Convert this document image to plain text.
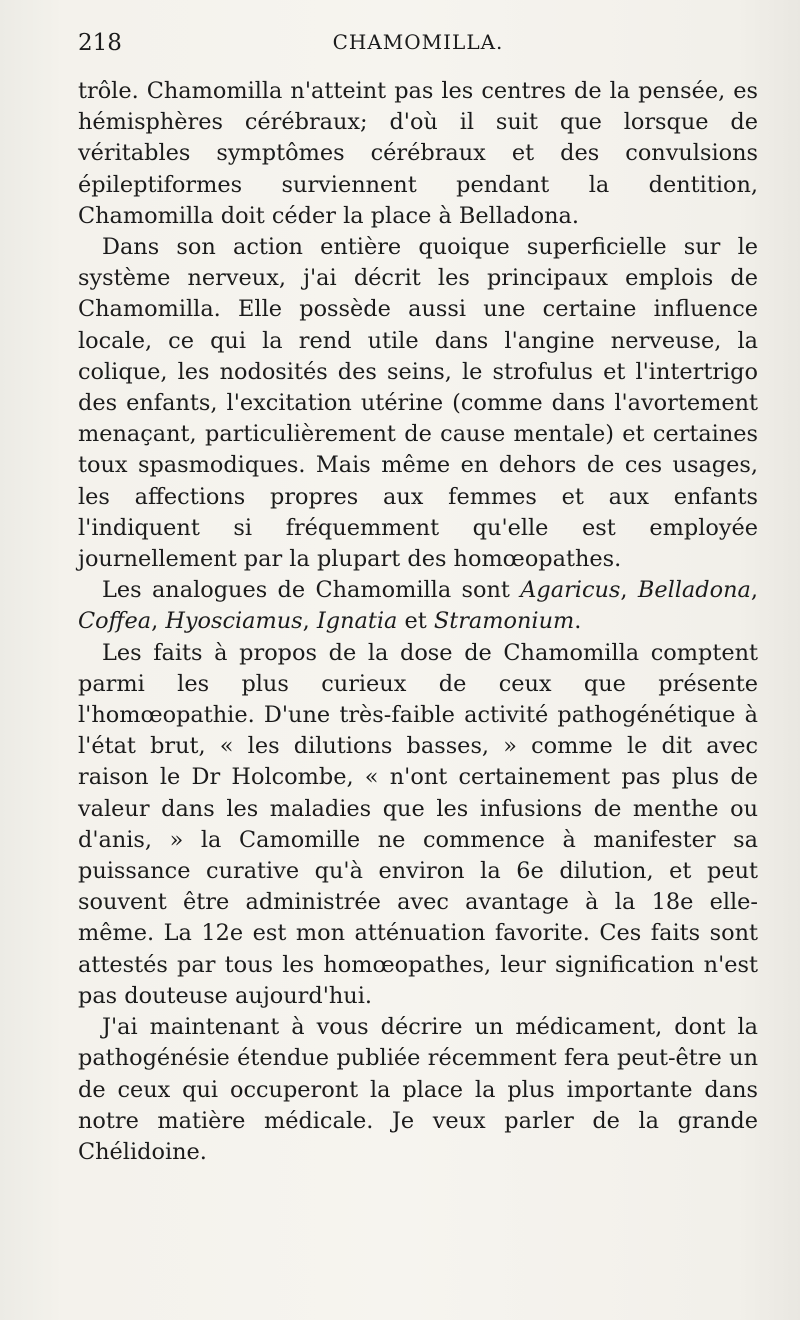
218	CHAMOMILLA.

trôle. Chamomilla n'atteint pas les centres de la pensée, es hémisphères cérébraux; d'où il suit que lorsque de véritables symptômes cérébraux et des convulsions épileptiformes surviennent pendant la dentition, Chamomilla doit céder la place à Belladona.

Dans son action entière quoique superficielle sur le système nerveux, j'ai décrit les principaux emplois de Chamomilla. Elle possède aussi une certaine influence locale, ce qui la rend utile dans l'angine nerveuse, la colique, les nodosités des seins, le strofulus et l'intertrigo des enfants, l'excitation utérine (comme dans l'avortement menaçant, particulièrement de cause mentale) et certaines toux spasmodiques. Mais même en dehors de ces usages, les affections propres aux femmes et aux enfants l'indiquent si fréquemment qu'elle est employée journellement par la plupart des homœopathes.

Les analogues de Chamomilla sont Agaricus, Belladona, Coffea, Hyosciamus, Ignatia et Stramonium.

Les faits à propos de la dose de Chamomilla comptent parmi les plus curieux de ceux que présente l'homœopathie. D'une très-faible activité pathogénétique à l'état brut, « les dilutions basses, » comme le dit avec raison le Dr Holcombe, « n'ont certainement pas plus de valeur dans les maladies que les infusions de menthe ou d'anis, » la Camomille ne commence à manifester sa puissance curative qu'à environ la 6e dilution, et peut souvent être administrée avec avantage à la 18e elle-même. La 12e est mon atténuation favorite. Ces faits sont attestés par tous les homœopathes, leur signification n'est pas douteuse aujourd'hui.

J'ai maintenant à vous décrire un médicament, dont la pathogénésie étendue publiée récemment fera peut-être un de ceux qui occuperont la place la plus importante dans notre matière médicale. Je veux parler de la grande Chélidoine.
